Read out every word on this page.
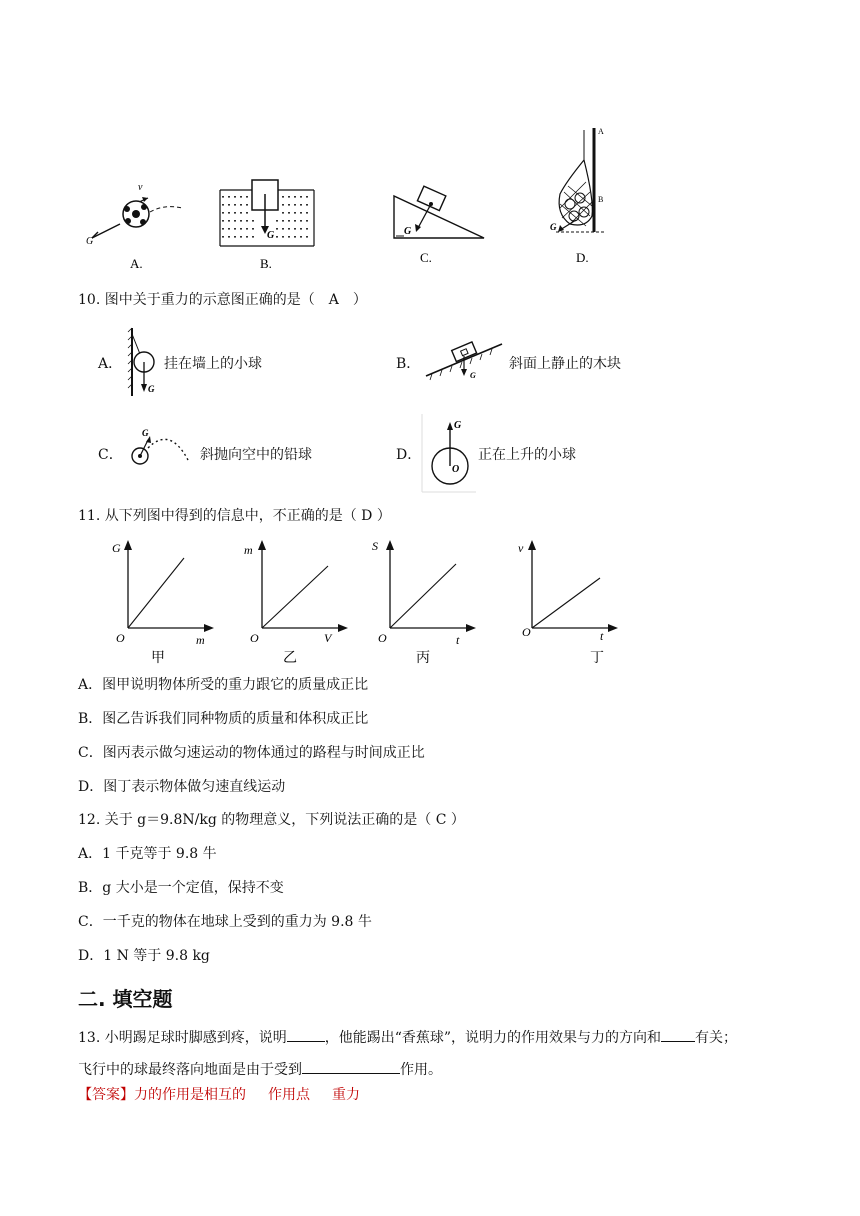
v
G
A.
G
B.
G
C.
A
B
G
D.
10. 图中关于重力的示意图正确的是（　A　）
A．
G
挂在墙上的小球	B．
G
斜面上静止的木块
C．
G
斜抛向空中的铅球	D．
G
O
正在上升的小球
11. 从下列图中得到的信息中，不正确的是（ D ）
G
m
O
甲
m
V
O
乙
S
t
O
丙
v
t
O
丁
A．图甲说明物体所受的重力跟它的质量成正比
B．图乙告诉我们同种物质的质量和体积成正比
C．图丙表示做匀速运动的物体通过的路程与时间成正比
D．图丁表示物体做匀速直线运动
12. 关于 g＝9.8N/kg 的物理意义，下列说法正确的是（ C ）
A．1 千克等于 9.8 牛
B．g 大小是一个定值，保持不变
C．一千克的物体在地球上受到的重力为 9.8 牛
D．1 N 等于 9.8 kg
二. 填空题
13. 小明踢足球时脚感到疼，说明	，他能踢出“香蕉球”，说明力的作用效果与力的方向和 有关；
飞行中的球最终落向地面是由于受到	作用。
【答案】力的作用是相互的 作用点 重力
